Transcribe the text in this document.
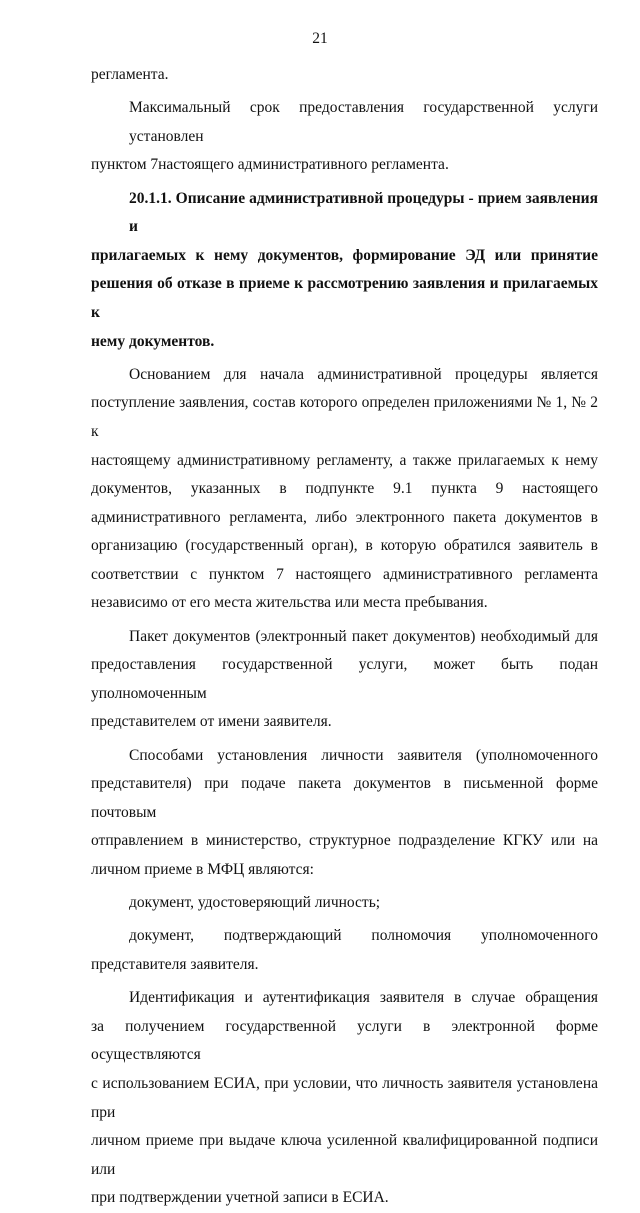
21

регламента.

Максимальный срок предоставления государственной услуги установлен

пунктом 7настоящего административного регламента.

20.1.1. Описание административной процедуры - прием заявления и

прилагаемых к нему документов, формирование ЭД или принятие

решения об отказе в приеме к рассмотрению заявления и прилагаемых к

нему документов.

Основанием для начала административной процедуры является

поступление заявления, состав которого определен приложениями № 1, № 2 к

настоящему административному регламенту, а также прилагаемых к нему

документов, указанных в подпункте 9.1 пункта 9 настоящего

административного регламента, либо электронного пакета документов в

организацию (государственный орган), в которую обратился заявитель в

соответствии с пунктом 7 настоящего административного регламента

независимо от его места жительства или места пребывания.

Пакет документов (электронный пакет документов) необходимый для

предоставления государственной услуги, может быть подан уполномоченным

представителем от имени заявителя.

Способами установления личности заявителя (уполномоченного

представителя) при подаче пакета документов в письменной форме почтовым

отправлением в министерство, структурное подразделение КГКУ или на

личном приеме в МФЦ являются:

документ, удостоверяющий личность;

документ, подтверждающий полномочия уполномоченного

представителя заявителя.

Идентификация и аутентификация заявителя в случае обращения

за получением государственной услуги в электронной форме осуществляются

с использованием ЕСИА, при условии, что личность заявителя установлена при

личном приеме при выдаче ключа усиленной квалифицированной подписи или

при подтверждении учетной записи в ЕСИА.
